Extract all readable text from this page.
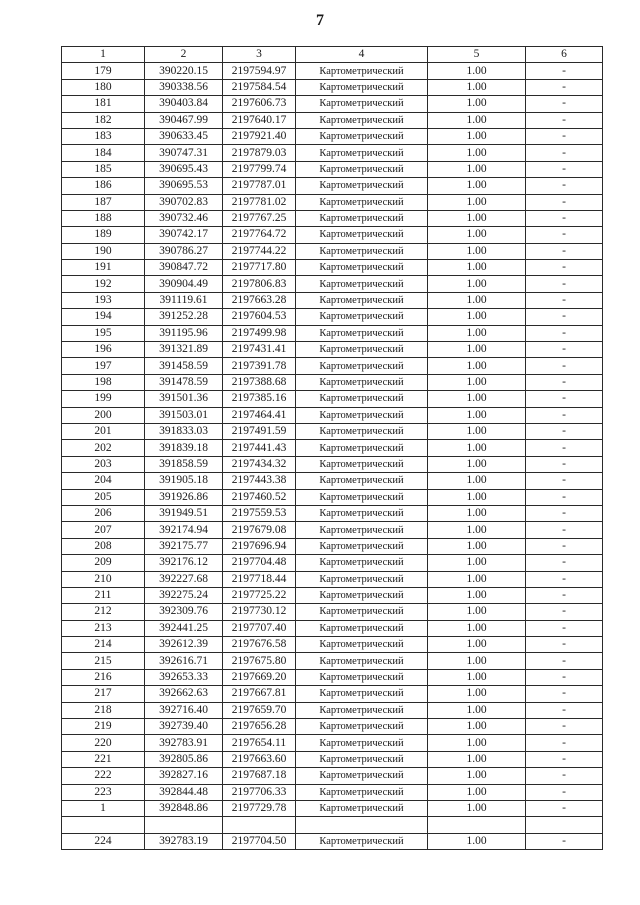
7
1	2	3	4	5	6
179	390220.15	2197594.97	Картометрический	1.00	-
180	390338.56	2197584.54	Картометрический	1.00	-
181	390403.84	2197606.73	Картометрический	1.00	-
182	390467.99	2197640.17	Картометрический	1.00	-
183	390633.45	2197921.40	Картометрический	1.00	-
184	390747.31	2197879.03	Картометрический	1.00	-
185	390695.43	2197799.74	Картометрический	1.00	-
186	390695.53	2197787.01	Картометрический	1.00	-
187	390702.83	2197781.02	Картометрический	1.00	-
188	390732.46	2197767.25	Картометрический	1.00	-
189	390742.17	2197764.72	Картометрический	1.00	-
190	390786.27	2197744.22	Картометрический	1.00	-
191	390847.72	2197717.80	Картометрический	1.00	-
192	390904.49	2197806.83	Картометрический	1.00	-
193	391119.61	2197663.28	Картометрический	1.00	-
194	391252.28	2197604.53	Картометрический	1.00	-
195	391195.96	2197499.98	Картометрический	1.00	-
196	391321.89	2197431.41	Картометрический	1.00	-
197	391458.59	2197391.78	Картометрический	1.00	-
198	391478.59	2197388.68	Картометрический	1.00	-
199	391501.36	2197385.16	Картометрический	1.00	-
200	391503.01	2197464.41	Картометрический	1.00	-
201	391833.03	2197491.59	Картометрический	1.00	-
202	391839.18	2197441.43	Картометрический	1.00	-
203	391858.59	2197434.32	Картометрический	1.00	-
204	391905.18	2197443.38	Картометрический	1.00	-
205	391926.86	2197460.52	Картометрический	1.00	-
206	391949.51	2197559.53	Картометрический	1.00	-
207	392174.94	2197679.08	Картометрический	1.00	-
208	392175.77	2197696.94	Картометрический	1.00	-
209	392176.12	2197704.48	Картометрический	1.00	-
210	392227.68	2197718.44	Картометрический	1.00	-
211	392275.24	2197725.22	Картометрический	1.00	-
212	392309.76	2197730.12	Картометрический	1.00	-
213	392441.25	2197707.40	Картометрический	1.00	-
214	392612.39	2197676.58	Картометрический	1.00	-
215	392616.71	2197675.80	Картометрический	1.00	-
216	392653.33	2197669.20	Картометрический	1.00	-
217	392662.63	2197667.81	Картометрический	1.00	-
218	392716.40	2197659.70	Картометрический	1.00	-
219	392739.40	2197656.28	Картометрический	1.00	-
220	392783.91	2197654.11	Картометрический	1.00	-
221	392805.86	2197663.60	Картометрический	1.00	-
222	392827.16	2197687.18	Картометрический	1.00	-
223	392844.48	2197706.33	Картометрический	1.00	-
1	392848.86	2197729.78	Картометрический	1.00	-

224	392783.19	2197704.50	Картометрический	1.00	-
